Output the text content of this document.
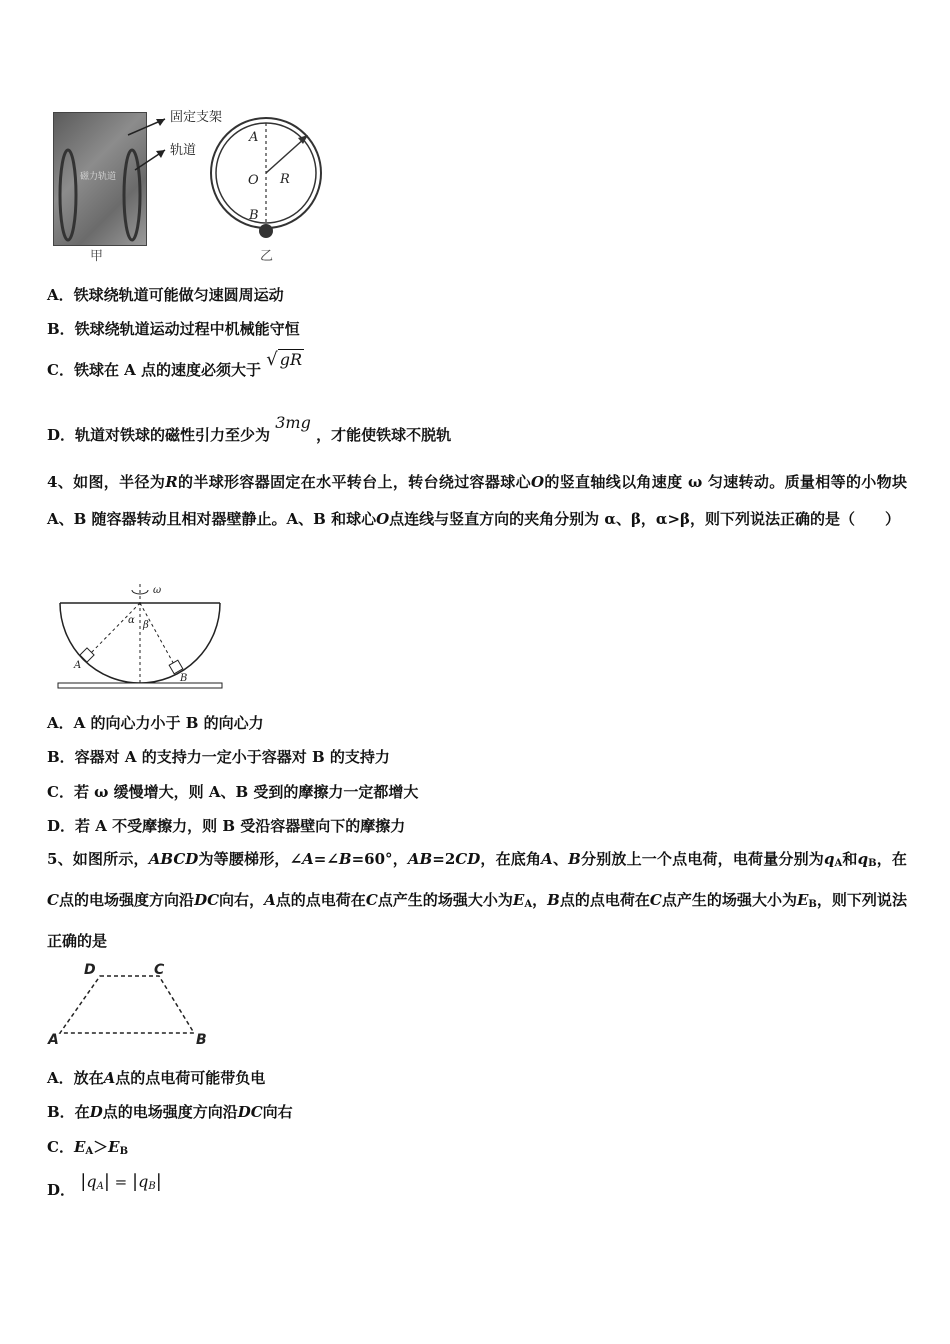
磁力轨道
固定支架
轨道
A
O R
B
甲	乙
A．铁球绕轨道可能做匀速圆周运动
B．铁球绕轨道运动过程中机械能守恒
C．铁球在 A 点的速度必须大于 √ gR
D．轨道对铁球的磁性引力至少为 3mg ，才能使铁球不脱轨
4、如图，半径为R的半球形容器固定在水平转台上，转台绕过容器球心O的竖直轴线以角速度 ω 匀速转动。质量相等的小物块 A、B 随容器转动且相对器壁静止。A、B 和球心O点连线与竖直方向的夹角分别为 α、β，α>β，则下列说法正确的是（　　）
ω
α β
A
B
A．A 的向心力小于 B 的向心力
B．容器对 A 的支持力一定小于容器对 B 的支持力
C．若 ω 缓慢增大，则 A、B 受到的摩擦力一定都增大
D．若 A 不受摩擦力，则 B 受沿容器壁向下的摩擦力
5、如图所示，ABCD为等腰梯形，∠A=∠B=60°，AB=2CD，在底角A、B分别放上一个点电荷，电荷量分别为$q_A$和$q_B$，在C点的电场强度方向沿DC向右，A点的点电荷在C点产生的场强大小为$E_A$，B点的点电荷在C点产生的场强大小为$E_B$，则下列说法正确的是
D	C
A	B
A．放在A点的点电荷可能带负电
B．在D点的电场强度方向沿DC向右
C．$E_A>E_B$
D． $|q_A| = |q_B|$
